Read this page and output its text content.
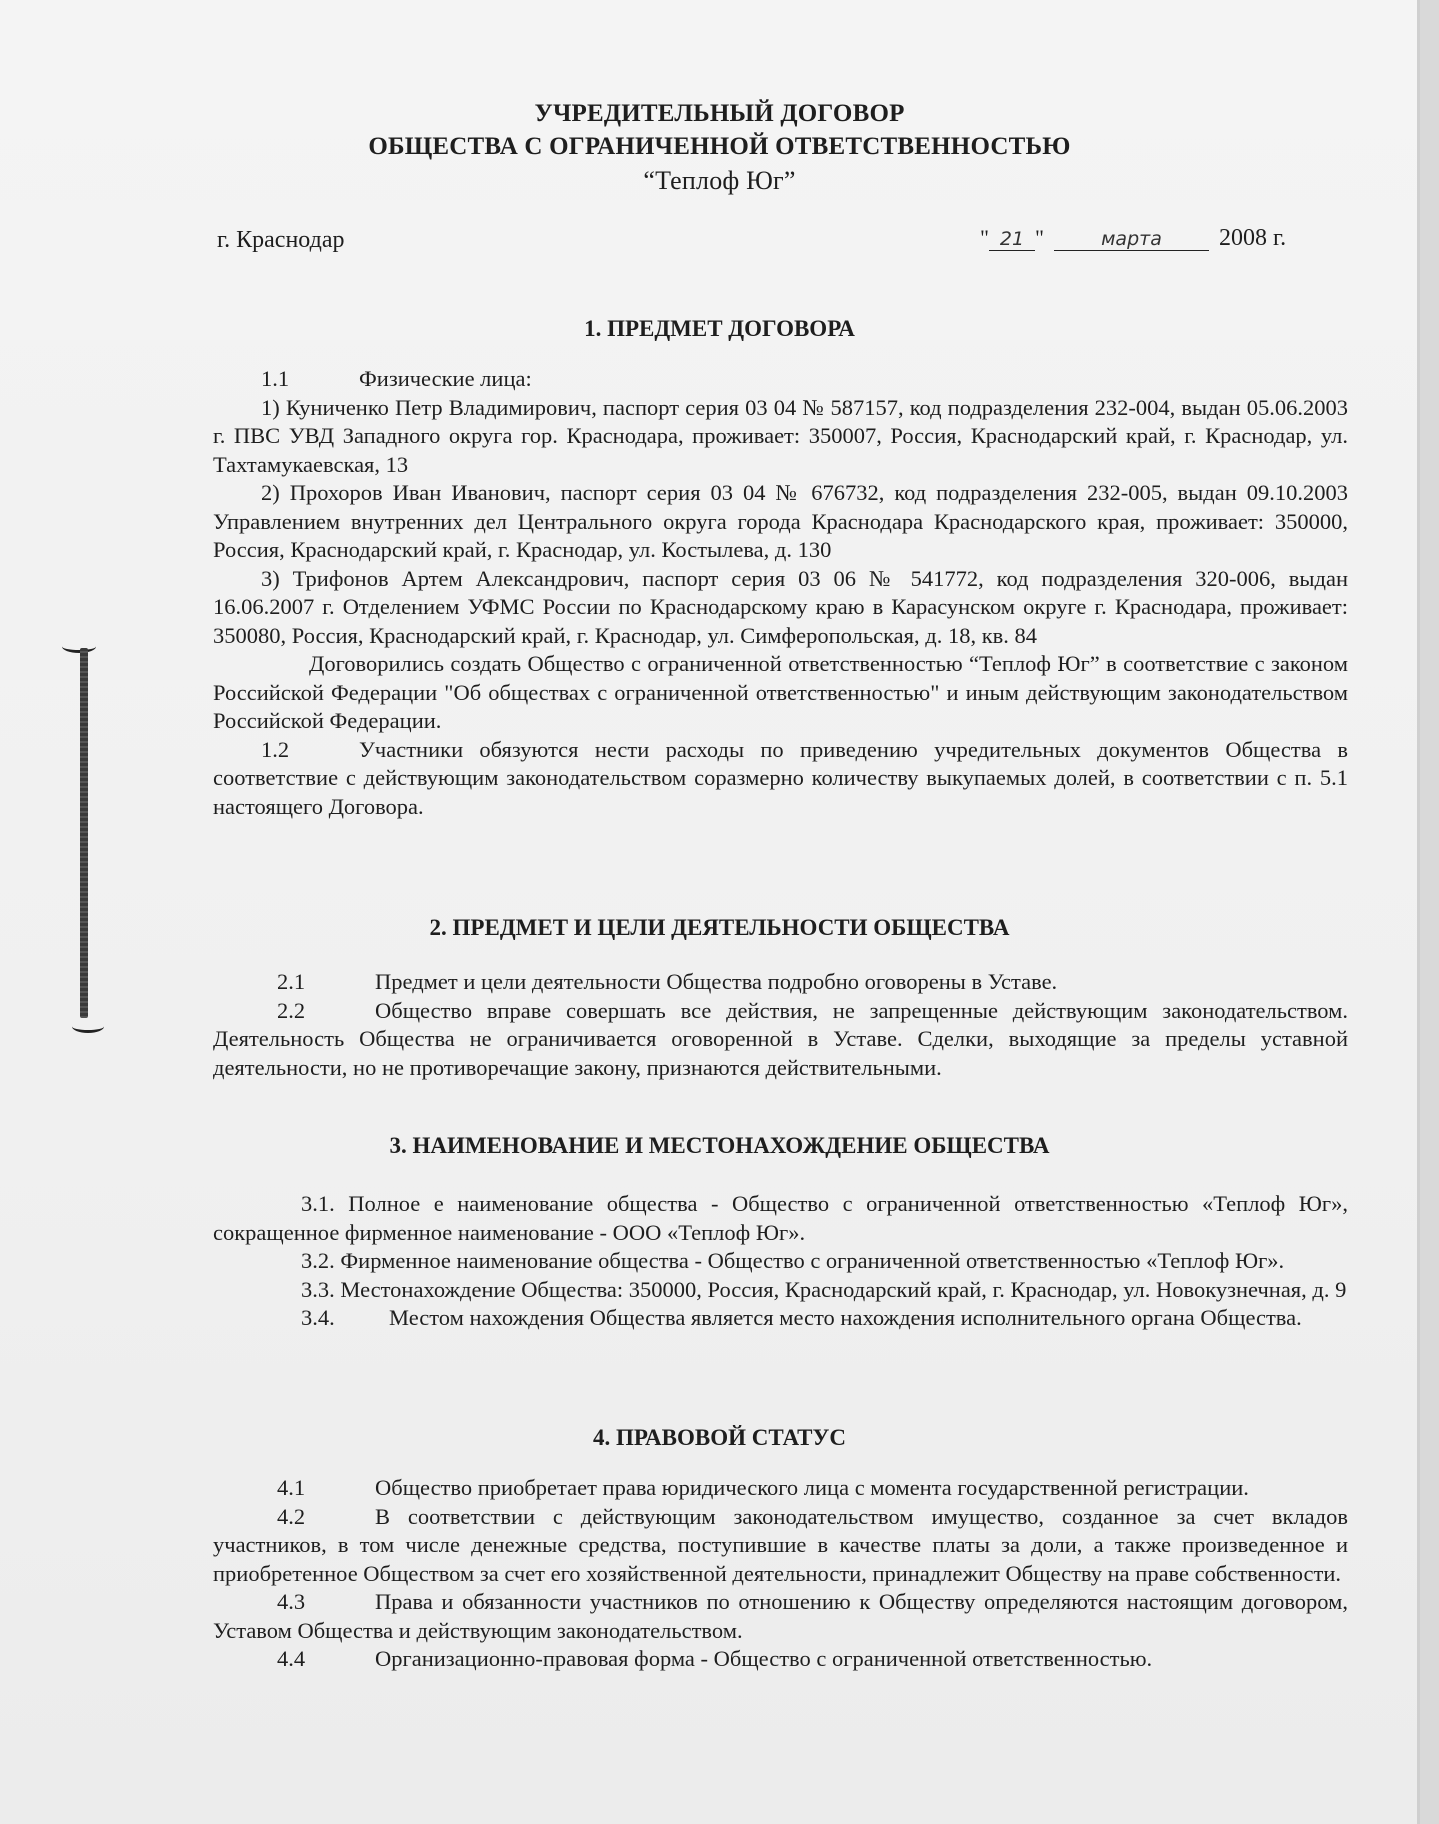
УЧРЕДИТЕЛЬНЫЙ ДОГОВОР
ОБЩЕСТВА С ОГРАНИЧЕННОЙ ОТВЕТСТВЕННОСТЬЮ
“Теплоф Юг”
г. Краснодар	" 21 "	марта	2008 г.
1. ПРЕДМЕТ ДОГОВОРА

1.1	Физические лица:

1) Куниченко Петр Владимирович, паспорт серия 03 04 № 587157, код подразделения 232-004, выдан 05.06.2003 г. ПВС УВД Западного округа гор. Краснодара, проживает: 350007, Россия, Краснодарский край, г. Краснодар, ул. Тахтамукаевская, 13

2) Прохоров Иван Иванович, паспорт серия 03 04 № 676732, код подразделения 232-005, выдан 09.10.2003 Управлением внутренних дел Центрального округа города Краснодара Краснодарского края, проживает: 350000, Россия, Краснодарский край, г. Краснодар, ул. Костылева, д. 130

3) Трифонов Артем Александрович, паспорт серия 03 06 № 541772, код подразделения 320-006, выдан 16.06.2007 г. Отделением УФМС России по Краснодарскому краю в Карасунском округе г. Краснодара, проживает: 350080, Россия, Краснодарский край, г. Краснодар, ул. Симферопольская, д. 18, кв. 84

Договорились создать Общество с ограниченной ответственностью “Теплоф Юг” в соответствие с законом Российской Федерации "Об обществах с ограниченной ответственностью" и иным действующим законодательством Российской Федерации.

1.2	Участники обязуются нести расходы по приведению учредительных документов Общества в соответствие с действующим законодательством соразмерно количеству выкупаемых долей, в соответствии с п. 5.1 настоящего Договора.

2. ПРЕДМЕТ И ЦЕЛИ ДЕЯТЕЛЬНОСТИ ОБЩЕСТВА

2.1	Предмет и цели деятельности Общества подробно оговорены в Уставе.

2.2	Общество вправе совершать все действия, не запрещенные действующим законодательством. Деятельность Общества не ограничивается оговоренной в Уставе. Сделки, выходящие за пределы уставной деятельности, но не противоречащие закону, признаются действительными.

3. НАИМЕНОВАНИЕ И МЕСТОНАХОЖДЕНИЕ ОБЩЕСТВА

3.1. Полное е наименование общества - Общество с ограниченной ответственностью «Теплоф Юг», сокращенное фирменное наименование - ООО «Теплоф Юг».

3.2. Фирменное наименование общества - Общество с ограниченной ответственностью «Теплоф Юг».

3.3. Местонахождение Общества: 350000, Россия, Краснодарский край, г. Краснодар, ул. Новокузнечная, д. 9

3.4. Местом нахождения Общества является место нахождения исполнительного органа Общества.

4. ПРАВОВОЙ СТАТУС

4.1	Общество приобретает права юридического лица с момента государственной регистрации.

4.2	В соответствии с действующим законодательством имущество, созданное за счет вкладов участников, в том числе денежные средства, поступившие в качестве платы за доли, а также произведенное и приобретенное Обществом за счет его хозяйственной деятельности, принадлежит Обществу на праве собственности.

4.3	Права и обязанности участников по отношению к Обществу определяются настоящим договором, Уставом Общества и действующим законодательством.

4.4	Организационно-правовая форма - Общество с ограниченной ответственностью.
